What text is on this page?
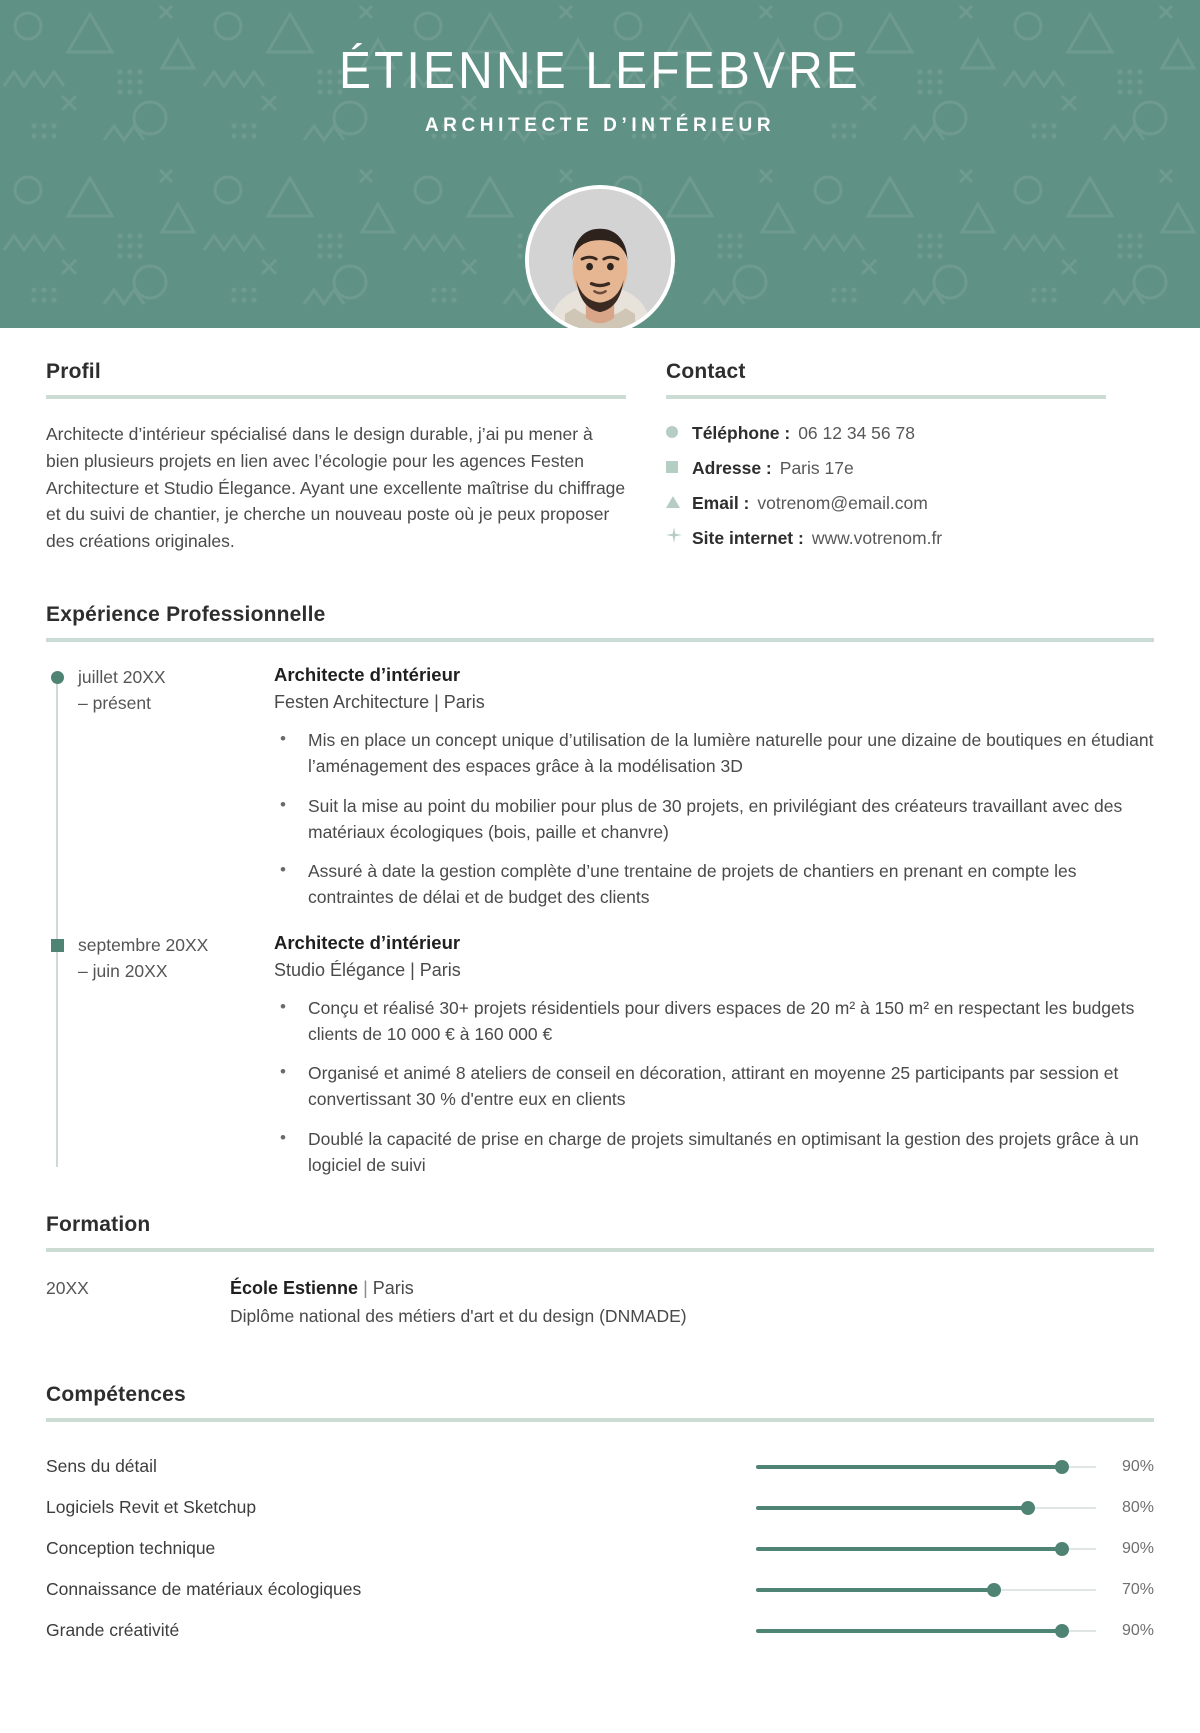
ÉTIENNE LEFEBVRE
ARCHITECTE D’INTÉRIEUR
Profil

Architecte d’intérieur spécialisé dans le design durable, j’ai pu mener à bien plusieurs projets en lien avec l’écologie pour les agences Festen Architecture et Studio Élegance. Ayant une excellente maîtrise du chiffrage et du suivi de chantier, je cherche un nouveau poste où je peux proposer des créations originales.

Contact
Téléphone : 06 12 34 56 78
Adresse : Paris 17e
Email : votrenom@email.com
Site internet : www.votrenom.fr
Expérience Professionnelle
juillet 20XX
– présent
Architecte d’intérieur
Festen Architecture | Paris
• Mis en place un concept unique d’utilisation de la lumière naturelle pour une dizaine de boutiques en étudiant l’aménagement des espaces grâce à la modélisation 3D
• Suit la mise au point du mobilier pour plus de 30 projets, en privilégiant des créateurs travaillant avec des matériaux écologiques (bois, paille et chanvre)
• Assuré à date la gestion complète d’une trentaine de projets de chantiers en prenant en compte les contraintes de délai et de budget des clients
septembre 20XX
– juin 20XX
Architecte d’intérieur
Studio Élégance | Paris
• Conçu et réalisé 30+ projets résidentiels pour divers espaces de 20 m² à 150 m² en respectant les budgets clients de 10 000 € à 160 000 €
• Organisé et animé 8 ateliers de conseil en décoration, attirant en moyenne 25 participants par session et convertissant 30 % d'entre eux en clients
• Doublé la capacité de prise en charge de projets simultanés en optimisant la gestion des projets grâce à un logiciel de suivi
Formation
20XX	École Estienne | Paris
Diplôme national des métiers d'art et du design (DNMADE)
Compétences
Sens du détail	90%
Logiciels Revit et Sketchup	80%
Conception technique	90%
Connaissance de matériaux écologiques	70%
Grande créativité	90%
